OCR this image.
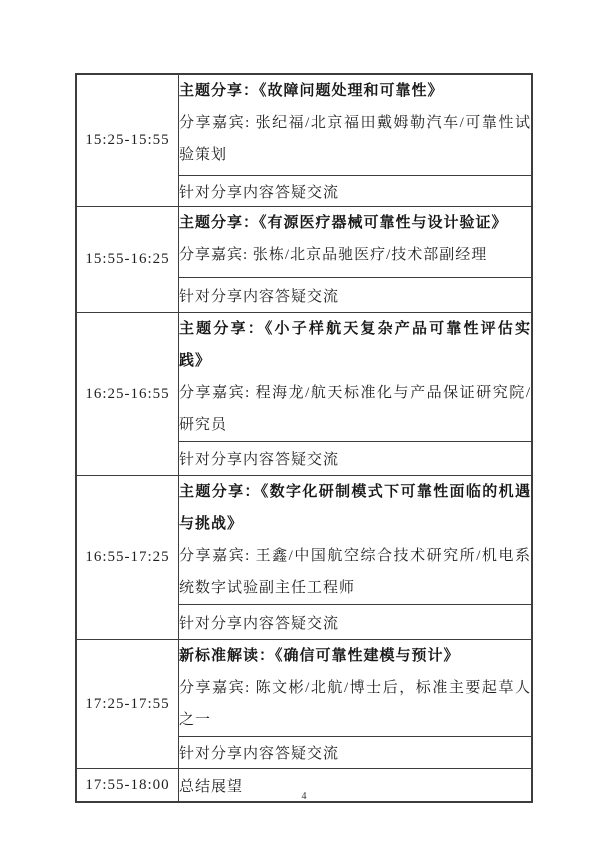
15:25-15:55	主题分享：《故障问题处理和可靠性》

分享嘉宾: 张纪福/北京福田戴姆勒汽车/可靠性试验策划

	针对分享内容答疑交流
15:55-16:25	主题分享：《有源医疗器械可靠性与设计验证》

分享嘉宾: 张栋/北京品驰医疗/技术部副经理

	针对分享内容答疑交流
16:25-16:55	主题分享：《小子样航天复杂产品可靠性评估实践》

分享嘉宾: 程海龙/航天标准化与产品保证研究院/研究员

	针对分享内容答疑交流
16:55-17:25	主题分享：《数字化研制模式下可靠性面临的机遇与挑战》

分享嘉宾: 王鑫/中国航空综合技术研究所/机电系统数字试验副主任工程师

	针对分享内容答疑交流
17:25-17:55	新标准解读：《确信可靠性建模与预计》

分享嘉宾: 陈文彬/北航/博士后，标准主要起草人之一

	针对分享内容答疑交流
17:55-18:00	总结展望
4
